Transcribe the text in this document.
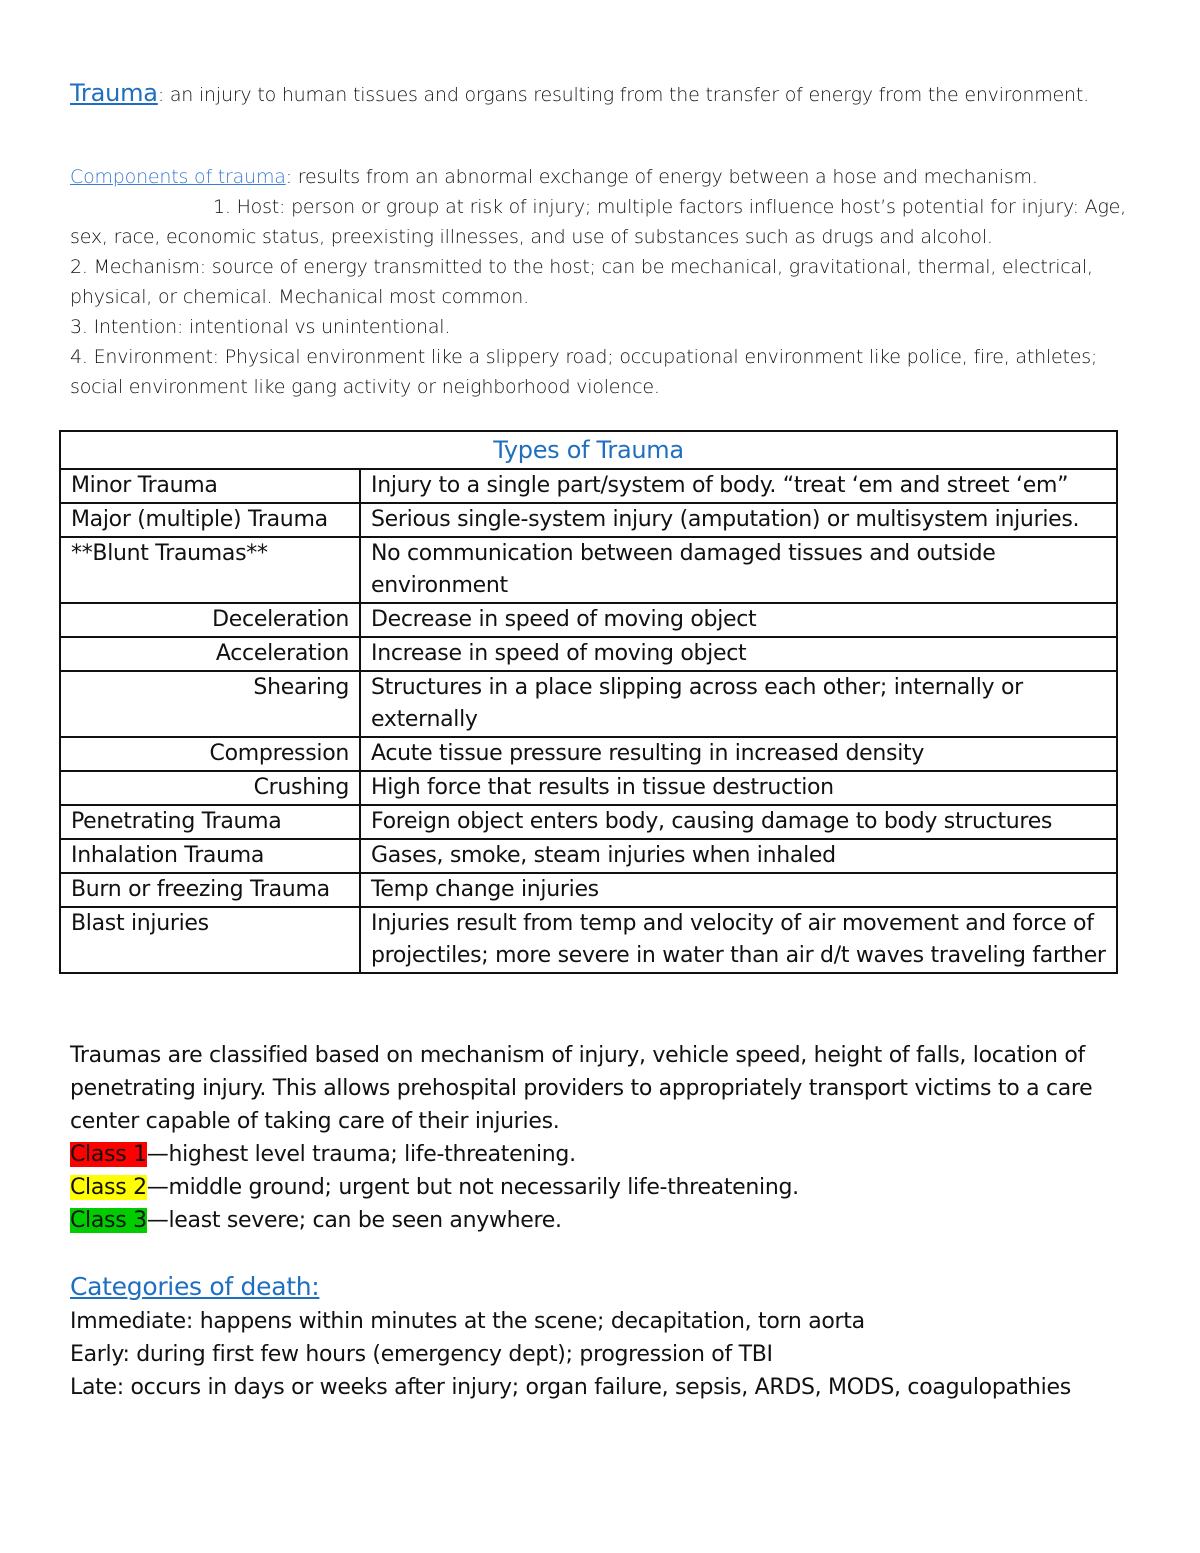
Trauma: an injury to human tissues and organs resulting from the transfer of energy from the environment.

Components of trauma: results from an abnormal exchange of energy between a hose and mechanism.
1. Host: person or group at risk of injury; multiple factors influence host’s potential for injury: Age, sex, race, economic status, preexisting illnesses, and use of substances such as drugs and alcohol.
2. Mechanism: source of energy transmitted to the host; can be mechanical, gravitational, thermal, electrical, physical, or chemical. Mechanical most common.
3. Intention: intentional vs unintentional.
4. Environment: Physical environment like a slippery road; occupational environment like police, fire, athletes; social environment like gang activity or neighborhood violence.

Types of Trauma	
Minor Trauma	Injury to a single part/system of body. “treat ‘em and street ‘em”
Major (multiple) Trauma	Serious single-system injury (amputation) or multisystem injuries.
**Blunt Traumas**	No communication between damaged tissues and outside environment
Deceleration	Decrease in speed of moving object
Acceleration	Increase in speed of moving object
Shearing	Structures in a place slipping across each other; internally or externally
Compression	Acute tissue pressure resulting in increased density
Crushing	High force that results in tissue destruction
Penetrating Trauma	Foreign object enters body, causing damage to body structures
Inhalation Trauma	Gases, smoke, steam injuries when inhaled
Burn or freezing Trauma	Temp change injuries
Blast injuries	Injuries result from temp and velocity of air movement and force of projectiles; more severe in water than air d/t waves traveling farther

Traumas are classified based on mechanism of injury, vehicle speed, height of falls, location of penetrating injury. This allows prehospital providers to appropriately transport victims to a care center capable of taking care of their injuries.
Class 1—highest level trauma; life-threatening.
Class 2—middle ground; urgent but not necessarily life-threatening.
Class 3—least severe; can be seen anywhere.

Categories of death:
Immediate: happens within minutes at the scene; decapitation, torn aorta
Early: during first few hours (emergency dept); progression of TBI
Late: occurs in days or weeks after injury; organ failure, sepsis, ARDS, MODS, coagulopathies
